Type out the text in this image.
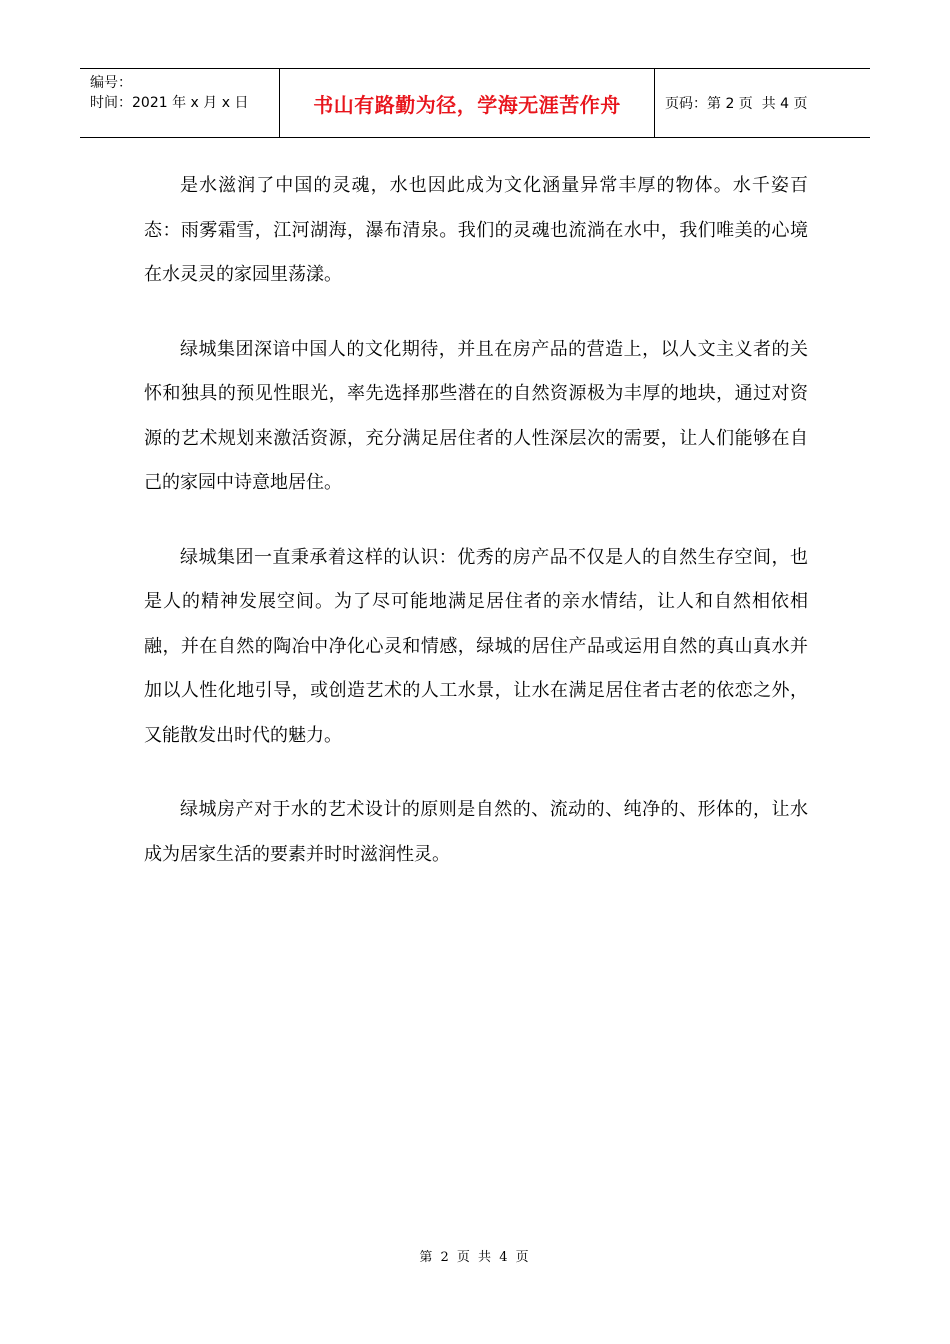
编号：
时间：2021 年 x 月 x 日	书山有路勤为径，学海无涯苦作舟	页码：第 2 页  共 4 页

是水滋润了中国的灵魂，水也因此成为文化涵量异常丰厚的物体。水千姿百态：雨雾霜雪，江河湖海，瀑布清泉。我们的灵魂也流淌在水中，我们唯美的心境在水灵灵的家园里荡漾。

绿城集团深谙中国人的文化期待，并且在房产品的营造上，以人文主义者的关怀和独具的预见性眼光，率先选择那些潜在的自然资源极为丰厚的地块，通过对资源的艺术规划来激活资源，充分满足居住者的人性深层次的需要，让人们能够在自己的家园中诗意地居住。

绿城集团一直秉承着这样的认识：优秀的房产品不仅是人的自然生存空间，也是人的精神发展空间。为了尽可能地满足居住者的亲水情结，让人和自然相依相融，并在自然的陶冶中净化心灵和情感，绿城的居住产品或运用自然的真山真水并加以人性化地引导，或创造艺术的人工水景，让水在满足居住者古老的依恋之外，又能散发出时代的魅力。

绿城房产对于水的艺术设计的原则是自然的、流动的、纯净的、形体的，让水成为居家生活的要素并时时滋润性灵。

第 2 页 共 4 页
